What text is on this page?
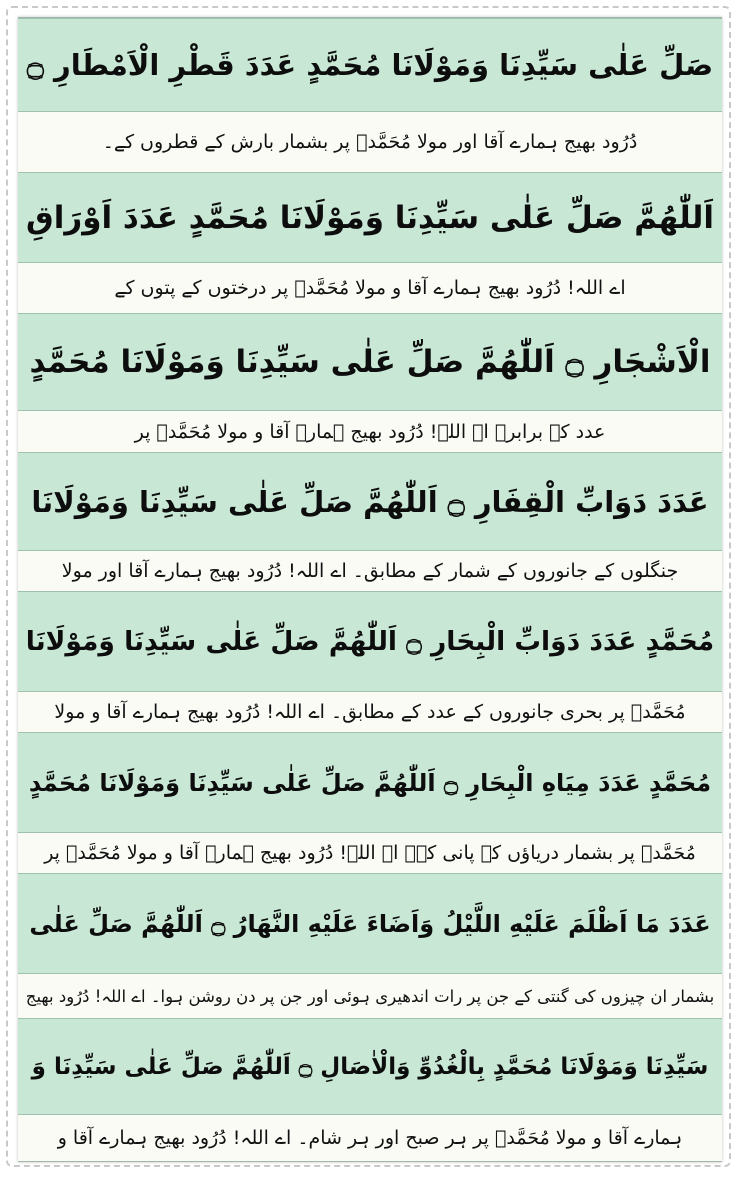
صَلِّ عَلٰى سَيِّدِنَا وَمَوْلَانَا مُحَمَّدٍ عَدَدَ قَطْرِ الْاَمْطَارِ ۝
دُرُود بھیج ہمارے آقا اور مولا مُحَمَّدؐ پر بشمار بارش کے قطروں کے۔
اَللّٰهُمَّ صَلِّ عَلٰى سَيِّدِنَا وَمَوْلَانَا مُحَمَّدٍ عَدَدَ اَوْرَاقِ
اے اللہ! دُرُود بھیج ہمارے آقا و مولا مُحَمَّدؐ پر درختوں کے پتوں کے
الْاَشْجَارِ ۝ اَللّٰهُمَّ صَلِّ عَلٰى سَيِّدِنَا وَمَوْلَانَا مُحَمَّدٍ
عدد کے برابر۔ اے اللہ! دُرُود بھیج ہمارے آقا و مولا مُحَمَّدؐ پر
عَدَدَ دَوَابِّ الْقِفَارِ ۝ اَللّٰهُمَّ صَلِّ عَلٰى سَيِّدِنَا وَمَوْلَانَا
جنگلوں کے جانوروں کے شمار کے مطابق۔ اے اللہ! دُرُود بھیج ہمارے آقا اور مولا
مُحَمَّدٍ عَدَدَ دَوَابِّ الْبِحَارِ ۝ اَللّٰهُمَّ صَلِّ عَلٰى سَيِّدِنَا وَمَوْلَانَا
مُحَمَّدؐ پر بحری جانوروں کے عدد کے مطابق۔ اے اللہ! دُرُود بھیج ہمارے آقا و مولا
مُحَمَّدٍ عَدَدَ مِيَاهِ الْبِحَارِ ۝ اَللّٰهُمَّ صَلِّ عَلٰى سَيِّدِنَا وَمَوْلَانَا مُحَمَّدٍ
مُحَمَّدؐ پر بشمار دریاؤں کے پانی کے۔ اے اللہ! دُرُود بھیج ہمارے آقا و مولا مُحَمَّدؐ پر
عَدَدَ مَا اَظْلَمَ عَلَيْهِ اللَّيْلُ وَاَضَاءَ عَلَيْهِ النَّهَارُ ۝ اَللّٰهُمَّ صَلِّ عَلٰى
بشمار ان چیزوں کی گنتی کے جن پر رات اندھیری ہوئی اور جن پر دن روشن ہوا۔ اے اللہ! دُرُود بھیج
سَيِّدِنَا وَمَوْلَانَا مُحَمَّدٍ بِالْغُدُوِّ وَالْاٰصَالِ ۝ اَللّٰهُمَّ صَلِّ عَلٰى سَيِّدِنَا وَ
ہمارے آقا و مولا مُحَمَّدؐ پر ہر صبح اور ہر شام۔ اے اللہ! دُرُود بھیج ہمارے آقا و
